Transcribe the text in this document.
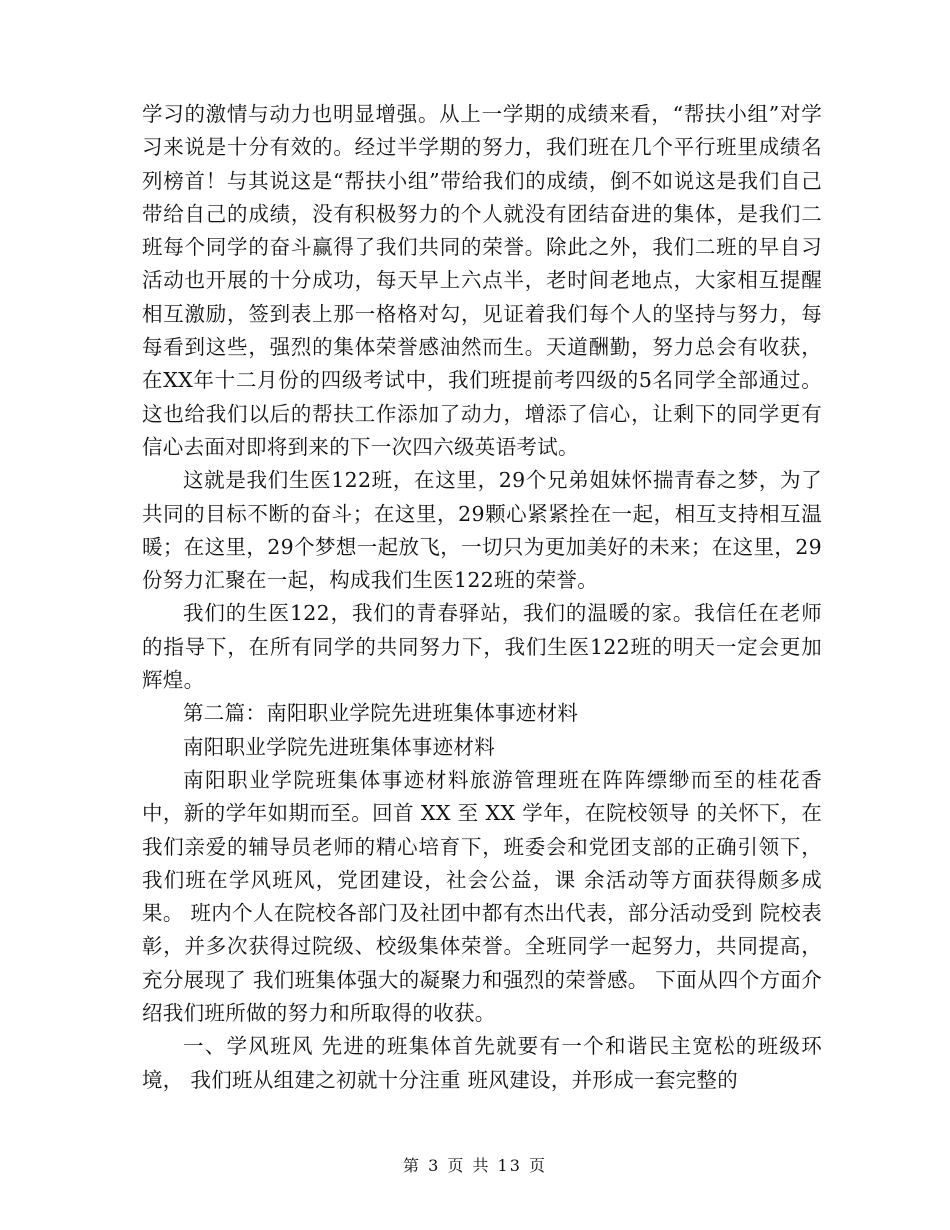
学习的激情与动力也明显增强。从上一学期的成绩来看，“帮扶小组”对学习来说是十分有效的。经过半学期的努力，我们班在几个平行班里成绩名列榜首！与其说这是“帮扶小组”带给我们的成绩，倒不如说这是我们自己带给自己的成绩，没有积极努力的个人就没有团结奋进的集体，是我们二班每个同学的奋斗赢得了我们共同的荣誉。除此之外，我们二班的早自习活动也开展的十分成功，每天早上六点半，老时间老地点，大家相互提醒相互激励，签到表上那一格格对勾，见证着我们每个人的坚持与努力，每每看到这些，强烈的集体荣誉感油然而生。天道酬勤，努力总会有收获，在XX年十二月份的四级考试中，我们班提前考四级的5名同学全部通过。这也给我们以后的帮扶工作添加了动力，增添了信心，让剩下的同学更有信心去面对即将到来的下一次四六级英语考试。

这就是我们生医122班，在这里，29个兄弟姐妹怀揣青春之梦，为了共同的目标不断的奋斗；在这里，29颗心紧紧拴在一起，相互支持相互温暖；在这里，29个梦想一起放飞，一切只为更加美好的未来；在这里，29份努力汇聚在一起，构成我们生医122班的荣誉。

我们的生医122，我们的青春驿站，我们的温暖的家。我信任在老师的指导下，在所有同学的共同努力下，我们生医122班的明天一定会更加辉煌。

第二篇：南阳职业学院先进班集体事迹材料

南阳职业学院先进班集体事迹材料

南阳职业学院班集体事迹材料旅游管理班在阵阵缥缈而至的桂花香中，新的学年如期而至。回首 XX 至 XX 学年，在院校领导 的关怀下，在我们亲爱的辅导员老师的精心培育下，班委会和党团支部的正确引领下， 我们班在学风班风，党团建设，社会公益，课 余活动等方面获得颇多成果。 班内个人在院校各部门及社团中都有杰出代表，部分活动受到 院校表彰，并多次获得过院级、校级集体荣誉。全班同学一起努力，共同提高，充分展现了 我们班集体强大的凝聚力和强烈的荣誉感。 下面从四个方面介绍我们班所做的努力和所取得的收获。

一、学风班风 先进的班集体首先就要有一个和谐民主宽松的班级环境， 我们班从组建之初就十分注重 班风建设，并形成一套完整的

第 3 页 共 13 页
